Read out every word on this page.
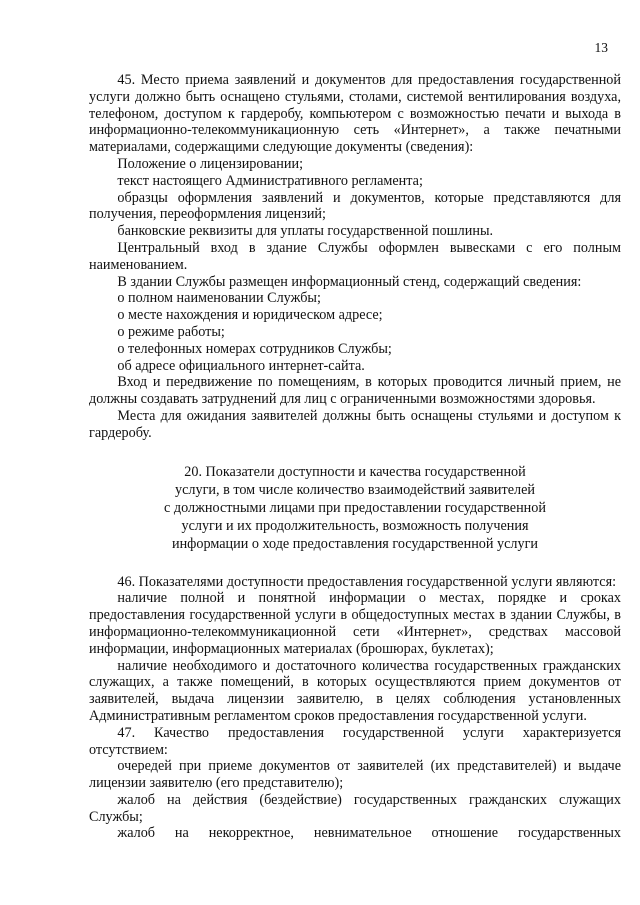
13

45. Место приема заявлений и документов для предоставления государственной услуги должно быть оснащено стульями, столами, системой вентилирования воздуха, телефоном, доступом к гардеробу, компьютером с возможностью печати и выхода в информационно-телекоммуникационную сеть «Интернет», а также печатными материалами, содержащими следующие документы (сведения):

Положение о лицензировании;

текст настоящего Административного регламента;

образцы оформления заявлений и документов, которые представляются для получения, переоформления лицензий;

банковские реквизиты для уплаты государственной пошлины.

Центральный вход в здание Службы оформлен вывесками с его полным наименованием.

В здании Службы размещен информационный стенд, содержащий сведения:

о полном наименовании Службы;

о месте нахождения и юридическом адресе;

о режиме работы;

о телефонных номерах сотрудников Службы;

об адресе официального интернет-сайта.

Вход и передвижение по помещениям, в которых проводится личный прием, не должны создавать затруднений для лиц с ограниченными возможностями здоровья.

Места для ожидания заявителей должны быть оснащены стульями и доступом к гардеробу.

20. Показатели доступности и качества государственной
услуги, в том числе количество взаимодействий заявителей
с должностными лицами при предоставлении государственной
услуги и их продолжительность, возможность получения
информации о ходе предоставления государственной услуги

46. Показателями доступности предоставления государственной услуги являются:

наличие полной и понятной информации о местах, порядке и сроках предоставления государственной услуги в общедоступных местах в здании Службы, в информационно-телекоммуникационной сети «Интернет», средствах массовой информации, информационных материалах (брошюрах, буклетах);

наличие необходимого и достаточного количества государственных гражданских служащих, а также помещений, в которых осуществляются прием документов от заявителей, выдача лицензии заявителю, в целях соблюдения установленных Административным регламентом сроков предоставления государственной услуги.

47. Качество предоставления государственной услуги характеризуется отсутствием:

очередей при приеме документов от заявителей (их представителей) и выдаче лицензии заявителю (его представителю);

жалоб на действия (бездействие) государственных гражданских служащих Службы;

жалоб на некорректное, невнимательное отношение государственных
